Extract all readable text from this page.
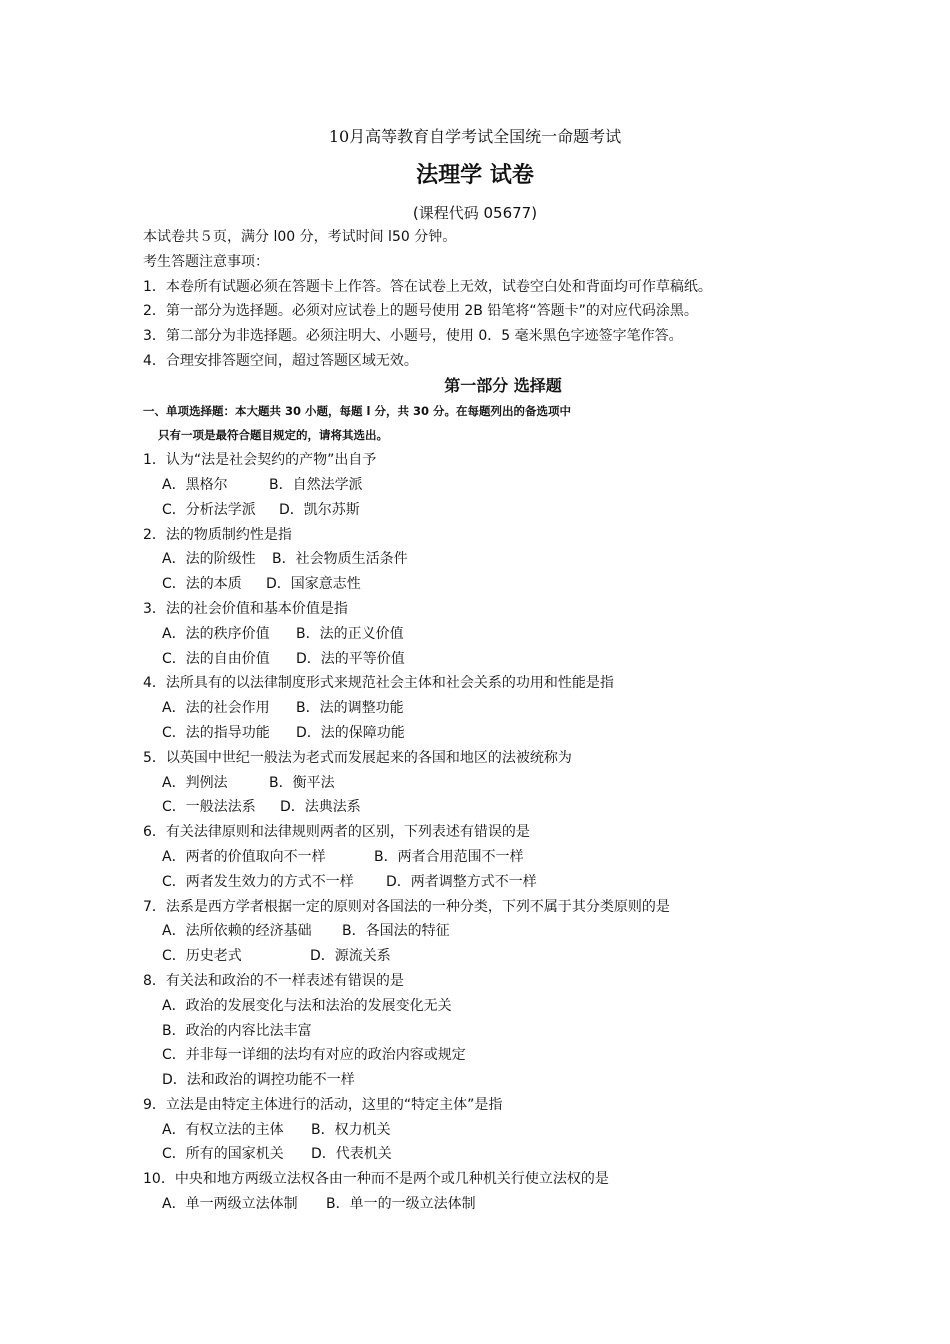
10月高等教育自学考试全国统一命题考试
法理学 试卷
(课程代码 05677)
本试卷共５页，满分 l00 分，考试时间 l50 分钟。
考生答题注意事项：
1．本卷所有试题必须在答题卡上作答。答在试卷上无效，试卷空白处和背面均可作草稿纸。
2．第一部分为选择题。必须对应试卷上的题号使用 2B 铅笔将“答题卡”的对应代码涂黑。
3．第二部分为非选择题。必须注明大、小题号，使用 0．5 毫米黑色字迹签字笔作答。
4．合理安排答题空间，超过答题区域无效。
第一部分 选择题
一、单项选择题：本大题共 30 小题，每题 l 分，共 30 分。在每题列出的备选项中
只有一项是最符合题目规定的，请将其选出。
1．认为“法是社会契约的产物”出自予
A．黑格尔	B．自然法学派
C．分析法学派 D．凯尔苏斯
2．法的物质制约性是指
A．法的阶级性 B．社会物质生活条件
C．法的本质 D．国家意志性
3．法的社会价值和基本价值是指
A．法的秩序价值 B．法的正义价值
C．法的自由价值 D．法的平等价值
4．法所具有的以法律制度形式来规范社会主体和社会关系的功用和性能是指
A．法的社会作用 B．法的调整功能
C．法的指导功能 D．法的保障功能
5．以英国中世纪一般法为老式而发展起来的各国和地区的法被统称为
A．判例法	B．衡平法
C．一般法法系 D．法典法系
6．有关法律原则和法律规则两者的区别，下列表述有错误的是
A．两者的价值取向不一样	B．两者合用范围不一样
C．两者发生效力的方式不一样 D．两者调整方式不一样
7．法系是西方学者根据一定的原则对各国法的一种分类，下列不属于其分类原则的是
A．法所依赖的经济基础 B．各国法的特征
C．历史老式	D．源流关系
8．有关法和政治的不一样表述有错误的是
A．政治的发展变化与法和法治的发展变化无关
B．政治的内容比法丰富
C．并非每一详细的法均有对应的政治内容或规定
D．法和政治的调控功能不一样
9．立法是由特定主体进行的活动，这里的“特定主体”是指
A．有权立法的主体 B．权力机关
C．所有的国家机关 D．代表机关
10．中央和地方两级立法权各由一种而不是两个或几种机关行使立法权的是
A．单一两级立法体制 B．单一的一级立法体制
